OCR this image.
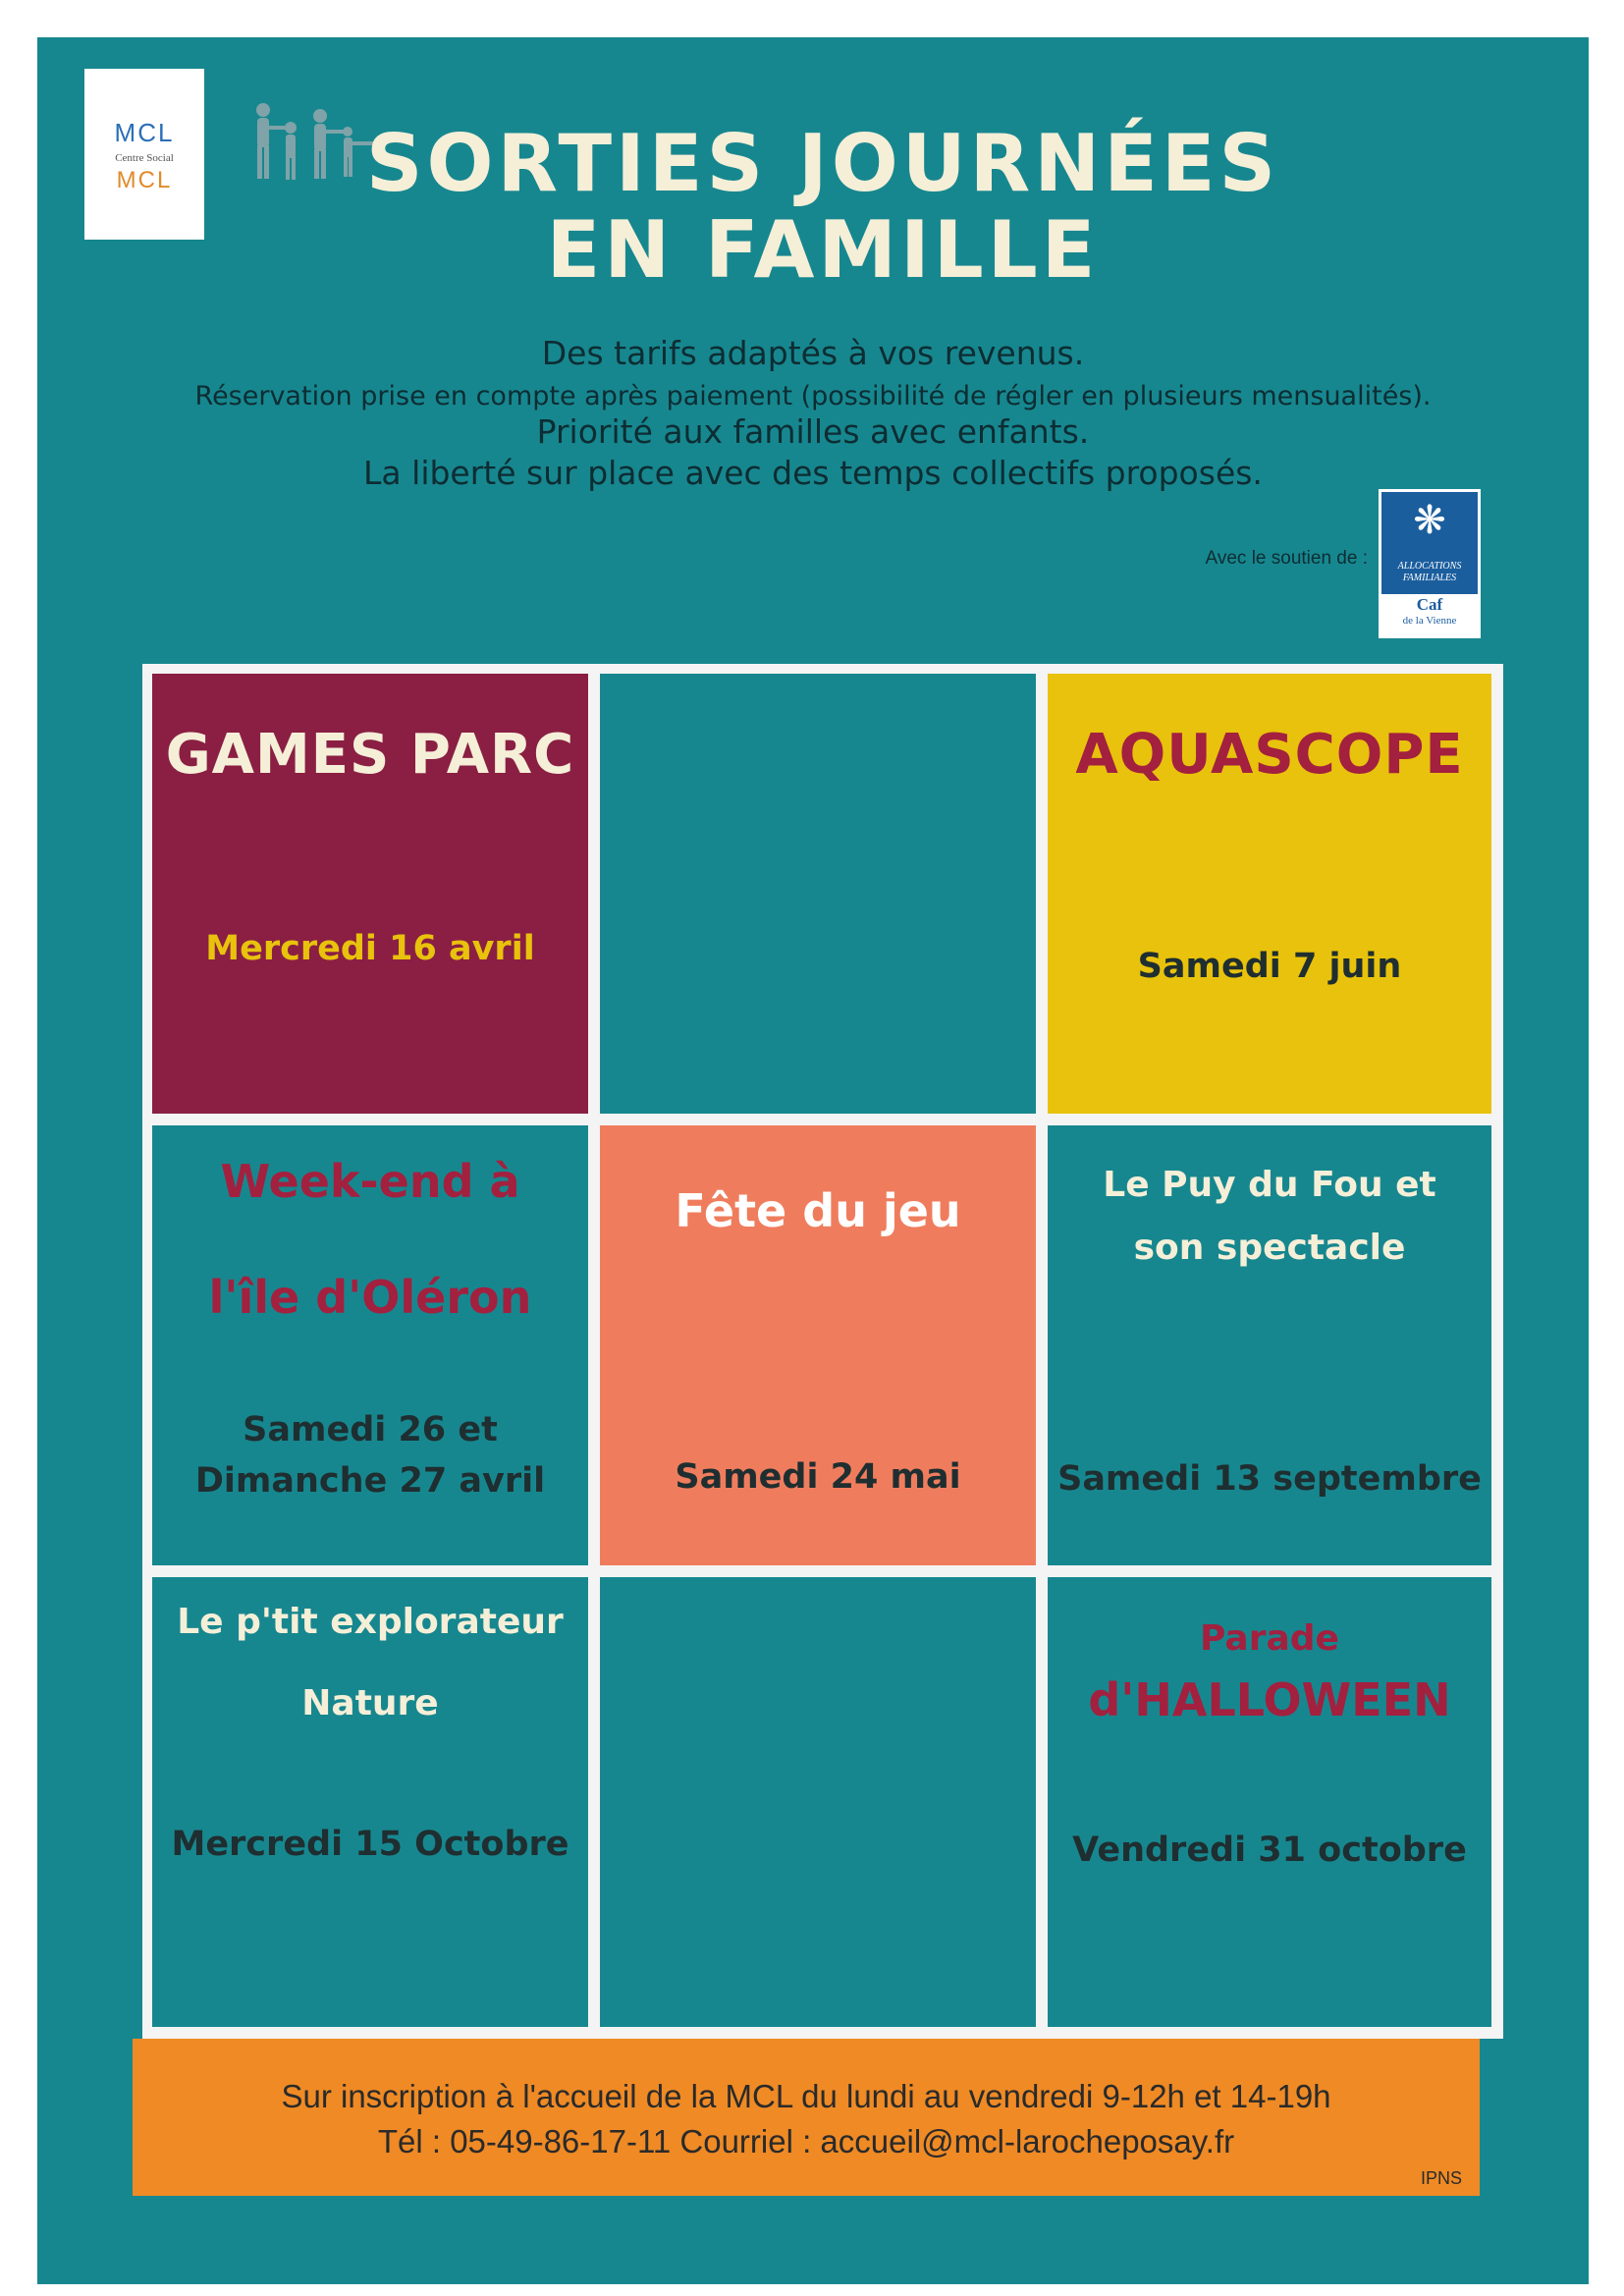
MCL
Centre Social
MCL	SORTIES JOURNÉES
EN FAMILLE
Des tarifs adaptés à vos revenus.
Réservation prise en compte après paiement (possibilité de régler en plusieurs mensualités).
Priorité aux familles avec enfants.
La liberté sur place avec des temps collectifs proposés.
Avec le soutien de :
❋
ALLOCATIONS FAMILIALES
Caf
de la Vienne
GAMES PARC
Mercredi 16 avril
AQUASCOPE
Samedi 7 juin
Week-end à
l'île d'Oléron
Samedi 26 et
Dimanche 27 avril
Fête du jeu
Samedi 24 mai
Le Puy du Fou et
son spectacle
Samedi 13 septembre
Le p'tit explorateur
Nature
Mercredi 15 Octobre
Parade
d'HALLOWEEN
Vendredi 31 octobre
Sur inscription à l'accueil de la MCL du lundi au vendredi 9-12h et 14-19h
Tél : 05-49-86-17-11 Courriel : accueil@mcl-larocheposay.fr
IPNS
